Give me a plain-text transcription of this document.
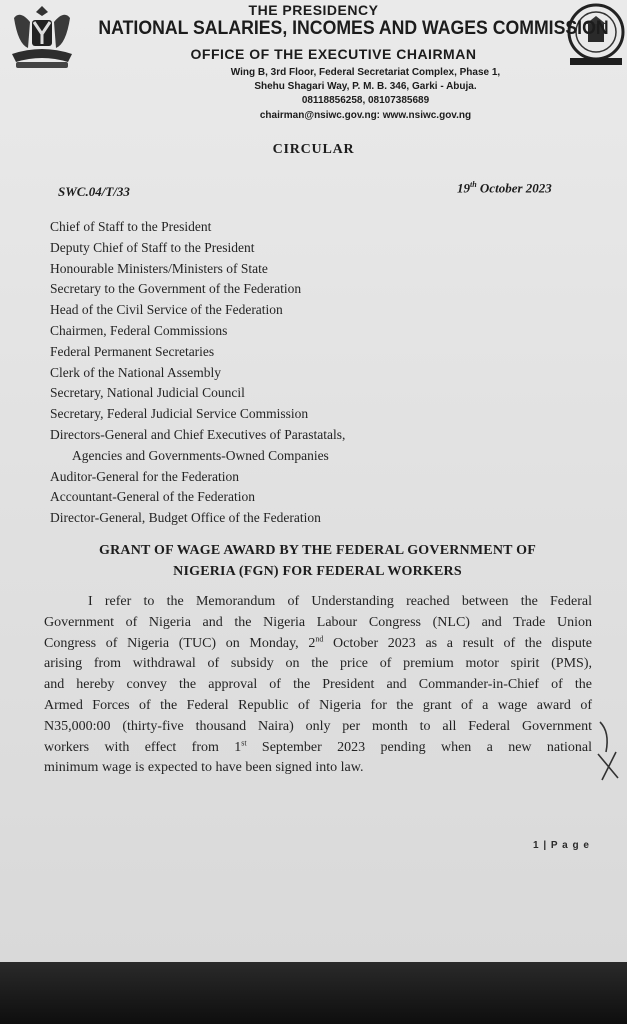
THE PRESIDENCY
NATIONAL SALARIES, INCOMES AND WAGES COMMISSION
OFFICE OF THE EXECUTIVE CHAIRMAN
Wing B, 3rd Floor, Federal Secretariat Complex, Phase 1,
Shehu Shagari Way, P. M. B. 346, Garki - Abuja.
08118856258, 08107385689
chairman@nsiwc.gov.ng: www.nsiwc.gov.ng
CIRCULAR
SWC.04/T/33	19th October 2023
Chief of Staff to the President
Deputy Chief of Staff to the President
Honourable Ministers/Ministers of State
Secretary to the Government of the Federation
Head of the Civil Service of the Federation
Chairmen, Federal Commissions
Federal Permanent Secretaries
Clerk of the National Assembly
Secretary, National Judicial Council
Secretary, Federal Judicial Service Commission
Directors-General and Chief Executives of Parastatals,
Agencies and Governments-Owned Companies
Auditor-General for the Federation
Accountant-General of the Federation
Director-General, Budget Office of the Federation
GRANT OF WAGE AWARD BY THE FEDERAL GOVERNMENT OF
NIGERIA (FGN) FOR FEDERAL WORKERS
I refer to the Memorandum of Understanding reached between the Federal
Government of Nigeria and the Nigeria Labour Congress (NLC) and Trade Union
Congress of Nigeria (TUC) on Monday, 2nd October 2023 as a result of the dispute
arising from withdrawal of subsidy on the price of premium motor spirit (PMS),
and hereby convey the approval of the President and Commander-in-Chief of the
Armed Forces of the Federal Republic of Nigeria for the grant of a wage award of
N35,000:00 (thirty-five thousand Naira) only per month to all Federal Government
workers with effect from 1st September 2023 pending when a new national
minimum wage is expected to have been signed into law.
1 | P a g e
